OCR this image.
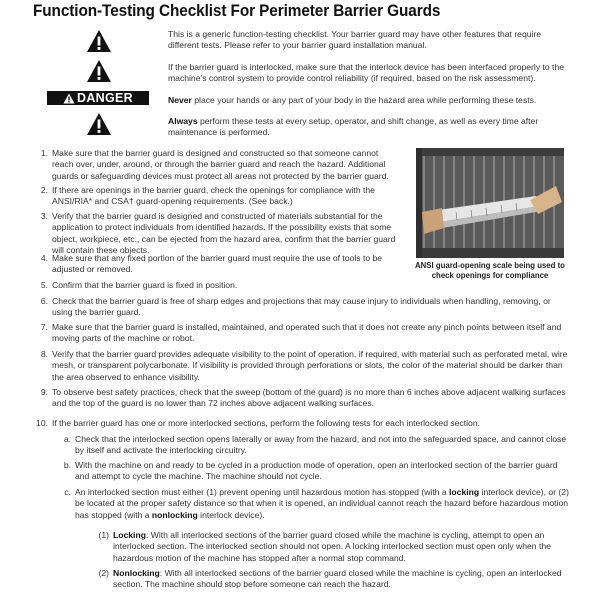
Function-Testing Checklist For Perimeter Barrier Guards
DANGER
This is a generic function-testing checklist. Your barrier guard may have other features that require different tests. Please refer to your barrier guard installation manual.
If the barrier guard is interlocked, make sure that the interlock device has been interfaced properly to the machine’s control system to provide control reliability (if required, based on the risk assessment).
Never place your hands or any part of your body in the hazard area while performing these tests.
Always perform these tests at every setup, operator, and shift change, as well as every time after maintenance is performed.
ANSI guard-opening scale being used to check openings for compliance
1. Make sure that the barrier guard is designed and constructed so that someone cannot reach over, under, around, or through the barrier guard and reach the hazard. Additional guards or safeguarding devices must protect all areas not protected by the barrier guard.
2. If there are openings in the barrier guard, check the openings for compliance with the ANSI/RIA* and CSA† guard-opening requirements. (See back.)
3. Verify that the barrier guard is designed and constructed of materials substantial for the application to protect individuals from identified hazards. If the possibility exists that some object, workpiece, etc., can be ejected from the hazard area, confirm that the barrier guard will contain these objects.
4. Make sure that any fixed portion of the barrier guard must require the use of tools to be adjusted or removed.
5. Confirm that the barrier guard is fixed in position.
6. Check that the barrier guard is free of sharp edges and projections that may cause injury to individuals when handling, removing, or using the barrier guard.
7. Make sure that the barrier guard is installed, maintained, and operated such that it does not create any pinch points between itself and moving parts of the machine or robot.
8. Verify that the barrier guard provides adequate visibility to the point of operation, if required, with material such as perforated metal, wire mesh, or transparent polycarbonate. If visibility is provided through perforations or slots, the color of the material should be darker than the area observed to enhance visibility.
9. To observe best safety practices, check that the sweep (bottom of the guard) is no more than 6 inches above adjacent walking surfaces and the top of the guard is no lower than 72 inches above adjacent walking surfaces.
10. If the barrier guard has one or more interlocked sections, perform the following tests for each interlocked section.
a. Check that the interlocked section opens laterally or away from the hazard, and not into the safeguarded space, and cannot close by itself and activate the interlocking circuitry.
b. With the machine on and ready to be cycled in a production mode of operation, open an interlocked section of the barrier guard and attempt to cycle the machine. The machine should not cycle.
c. An interlocked section must either (1) prevent opening until hazardous motion has stopped (with a locking interlock device), or (2) be located at the proper safety distance so that when it is opened, an individual cannot reach the hazard before hazardous motion has stopped (with a nonlocking interlock device).
(1) Locking: With all interlocked sections of the barrier guard closed while the machine is cycling, attempt to open an interlocked section. The interlocked section should not open. A locking interlocked section must open only when the hazardous motion of the machine has stopped after a normal stop command.
(2) Nonlocking: With all interlocked sections of the barrier guard closed while the machine is cycling, open an interlocked section. The machine should stop before someone can reach the hazard.
